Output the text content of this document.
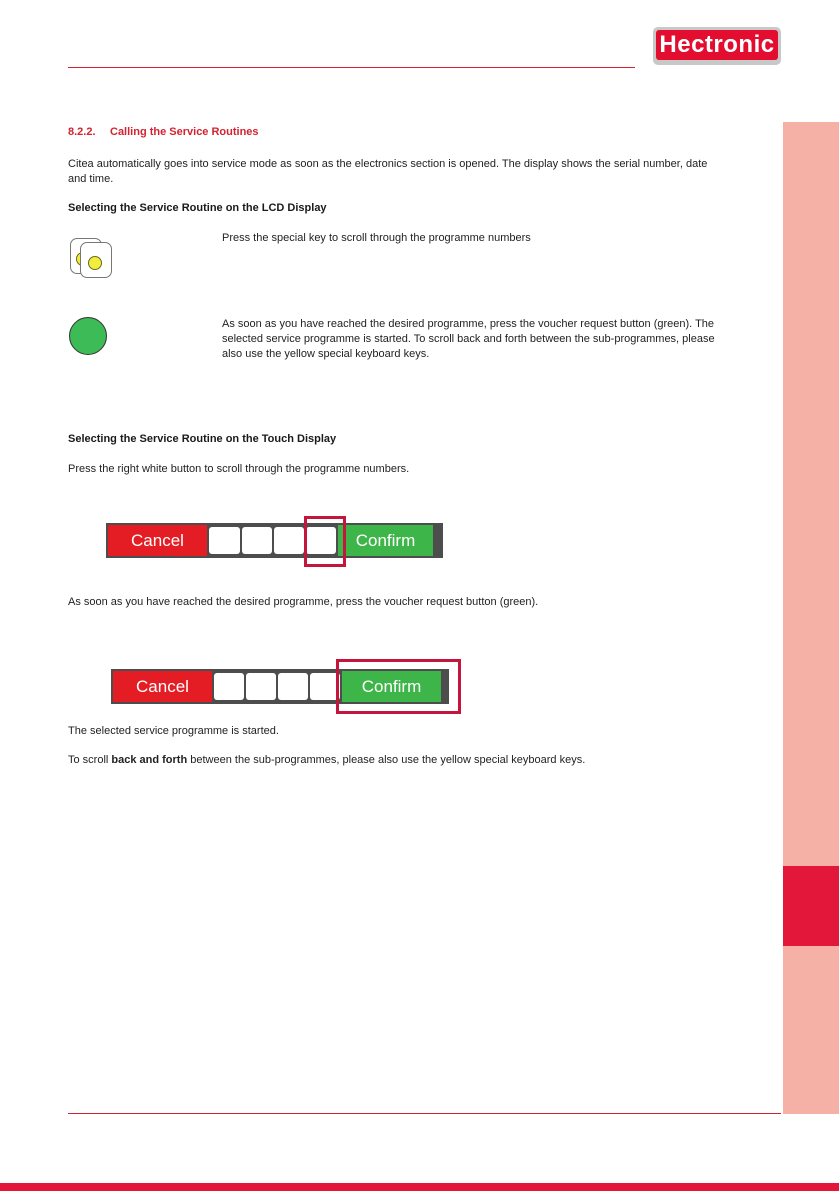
Hectronic
8.2.2. Calling the Service Routines
Citea automatically goes into service mode as soon as the electronics section is opened. The display shows the serial number, date and time.
Selecting the Service Routine on the LCD Display
Press the special key to scroll through the programme numbers
As soon as you have reached the desired programme, press the voucher request button (green). The selected service programme is started. To scroll back and forth between the sub-programmes, please also use the yellow special keyboard keys.
Selecting the Service Routine on the Touch Display
Press the right white button to scroll through the programme numbers.
Cancel	Confirm
As soon as you have reached the desired programme, press the voucher request button (green).
Cancel	Confirm
The selected service programme is started.
To scroll back and forth between the sub-programmes, please also use the yellow special keyboard keys.
